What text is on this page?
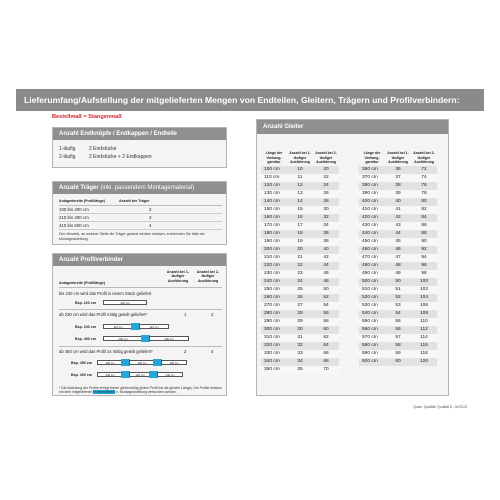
Lieferumfang/Aufstellung der mitgelieferten Mengen von Endteilen, Gleitern, Trägern und Profilverbindern:
Bestellmaß = Stangenmaß
Anzahl Endknöpfe / Endkappen / Endteile
1-läufig	2 Endstücke
2-läufig	2 Endstücke + 2 Endkappen
Anzahl Träger (inkl. passendem Montagematerial)
Anlagenbreite (Profillänge)	Anzahl der Träger
100 bis 200 cm	2
210 bis 400 cm	3
410 bis 600 cm	4
Den Hinweis, an welcher Stelle die Träger gesetzt werden müssen, entnehmen Sie bitte der Montageanleitung.
Anzahl Profilverbinder
Anzahl bei 1-läufiger Ausführung
Anzahl bei 2-läufiger Ausführung
Anlagenbreite (Profillänge)
bis 220 cm wird das Profil in einem Stück geliefert
Bsp. 220 cm	220 cm
ab 230 cm wird das Profil mittig geteilt geliefert*	1	2
Bsp. 230 cm	115 cm	115 cm
Bsp. 400 cm	200 cm	200 cm
ab 450 cm wird das Profil 2x mittig geteilt geliefert*	2	4
Bsp. 450 cm	150 cm	150 cm	150 cm
Bsp. 400 cm	140 cm	120 cm	140 cm
* Die Aufteilung der Profile erfolgt immer gleichmäßig (jedes Profil hat die gleiche Länge). Die Profile müssen mit dem mitgelieferten Profilverbinder n. Montageanleitung verbunden werden.
Anzahl Gleiter
Länge der Vorhang-garnitur	Anzahl bei 1-läufiger Ausführung	Anzahl bei 2-läufiger Ausführung
100 cm	10	20
110 cm	11	22
120 cm	12	24
130 cm	13	26
140 cm	14	28
150 cm	15	30
160 cm	16	32
170 cm	17	34
180 cm	18	36
190 cm	19	38
200 cm	20	40
210 cm	21	42
220 cm	22	44
230 cm	23	46
240 cm	24	48
250 cm	25	50
260 cm	26	52
270 cm	27	54
280 cm	28	56
290 cm	29	58
300 cm	30	60
310 cm	31	62
320 cm	32	64
330 cm	33	66
340 cm	34	68
350 cm	35	70
Länge der Vorhang-garnitur	Anzahl bei 1-läufiger Ausführung	Anzahl bei 2-läufiger Ausführung
360 cm	36	72
370 cm	37	74
380 cm	38	76
390 cm	39	78
400 cm	40	80
410 cm	41	82
420 cm	42	84
430 cm	43	86
440 cm	44	88
450 cm	45	90
460 cm	46	92
470 cm	47	94
480 cm	48	96
490 cm	49	98
500 cm	50	100
510 cm	51	102
520 cm	52	104
530 cm	53	106
540 cm	54	108
550 cm	55	110
560 cm	56	112
570 cm	57	114
580 cm	58	116
590 cm	59	118
600 cm	60	120
Quasi. Qualität: Qualität 6., 04/2024
